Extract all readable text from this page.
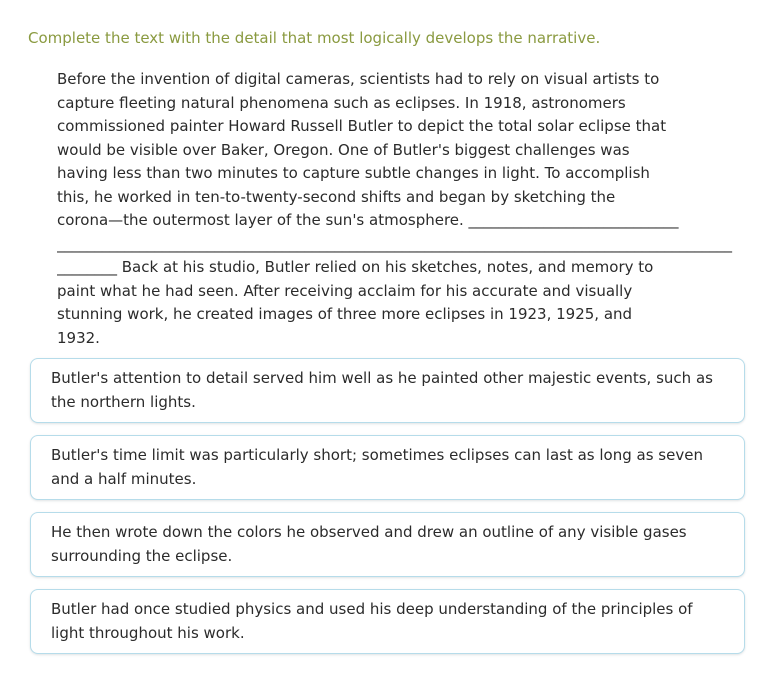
Complete the text with the detail that most logically develops the narrative.
Before the invention of digital cameras, scientists had to rely on visual artists to
capture fleeting natural phenomena such as eclipses. In 1918, astronomers
commissioned painter Howard Russell Butler to depict the total solar eclipse that
would be visible over Baker, Oregon. One of Butler's biggest challenges was
having less than two minutes to capture subtle changes in light. To accomplish
this, he worked in ten-to-twenty-second shifts and began by sketching the
corona—the outermost layer of the sun's atmosphere. ____________________________
__________________________________________________________________________________________
________ Back at his studio, Butler relied on his sketches, notes, and memory to
paint what he had seen. After receiving acclaim for his accurate and visually
stunning work, he created images of three more eclipses in 1923, 1925, and
1932.
Butler's attention to detail served him well as he painted other majestic events, such as the northern lights.
Butler's time limit was particularly short; sometimes eclipses can last as long as seven and a half minutes.
He then wrote down the colors he observed and drew an outline of any visible gases surrounding the eclipse.
Butler had once studied physics and used his deep understanding of the principles of light throughout his work.
